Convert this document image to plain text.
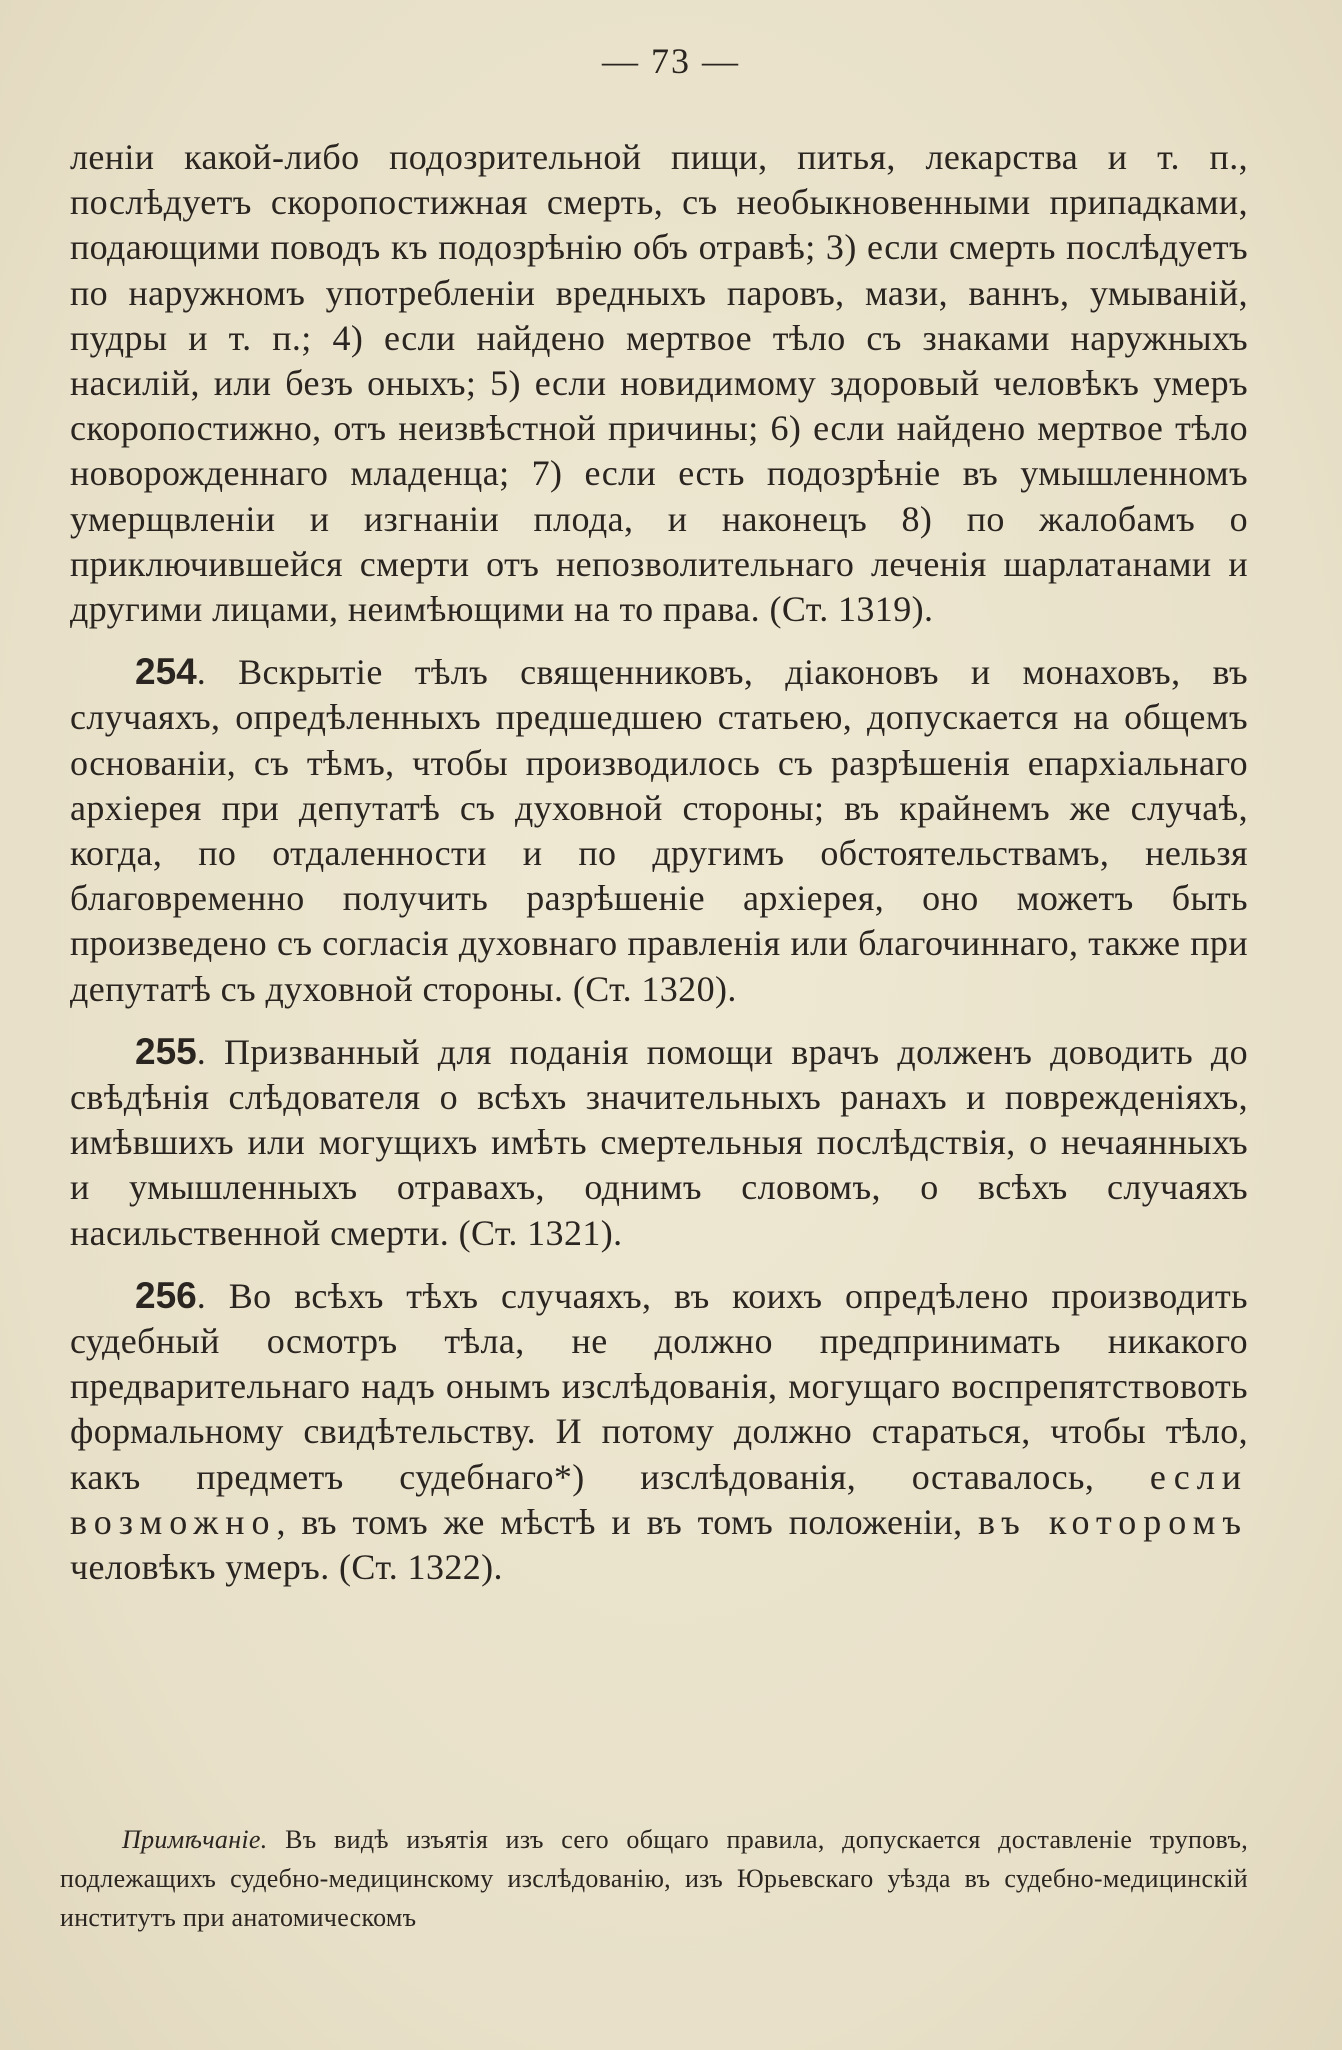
— 73 —

леніи какой-либо подозрительной пищи, питья, лекарства и т. п., послѣдуетъ скоропостижная смерть, съ необыкновенными припадками, подающими поводъ къ подозрѣнію объ отравѣ; 3) если смерть послѣдуетъ по наружномъ употребленіи вредныхъ паровъ, мази, ваннъ, умываній, пудры и т. п.; 4) если найдено мертвое тѣло съ знаками наружныхъ насилій, или безъ оныхъ; 5) если новидимому здоровый человѣкъ умеръ скоропостижно, отъ неизвѣстной причины; 6) если найдено мертвое тѣло новорожденнаго младенца; 7) если есть подозрѣніе въ умышленномъ умерщвленіи и изгнаніи плода, и наконецъ 8) по жалобамъ о приключившейся смерти отъ непозволительнаго леченія шарлатанами и другими лицами, неимѣющими на то права. (Ст. 1319).

254. Вскрытіе тѣлъ священниковъ, діаконовъ и монаховъ, въ случаяхъ, опредѣленныхъ предшедшею статьею, допускается на общемъ основаніи, съ тѣмъ, чтобы производилось съ разрѣшенія епархіальнаго архіерея при депутатѣ съ духовной стороны; въ крайнемъ же случаѣ, когда, по отдаленности и по другимъ обстоятельствамъ, нельзя благовременно получить разрѣшеніе архіерея, оно можетъ быть произведено съ согласія духовнаго правленія или благочиннаго, также при депутатѣ съ духовной стороны. (Ст. 1320).

255. Призванный для поданія помощи врачъ долженъ доводить до свѣдѣнія слѣдователя о всѣхъ значительныхъ ранахъ и поврежденіяхъ, имѣвшихъ или могущихъ имѣть смертельныя послѣдствія, о нечаянныхъ и умышленныхъ отравахъ, однимъ словомъ, о всѣхъ случаяхъ насильственной смерти. (Ст. 1321).

256. Во всѣхъ тѣхъ случаяхъ, въ коихъ опредѣлено производить судебный осмотръ тѣла, не должно предпринимать никакого предварительнаго надъ онымъ изслѣдованія, могущаго воспрепятствовоть формальному свидѣтельству. И потому должно стараться, чтобы тѣло, какъ предметъ судебнаго*) изслѣдованія, оставалось, если возможно, въ томъ же мѣстѣ и въ томъ положеніи, въ которомъ человѣкъ умеръ. (Ст. 1322).

Примѣчаніе. Въ видѣ изъятія изъ сего общаго правила, допускается доставленіе труповъ, подлежащихъ судебно-медицинскому изслѣдованію, изъ Юрьевскаго уѣзда въ судебно-медицинскій институтъ при анатомическомъ
